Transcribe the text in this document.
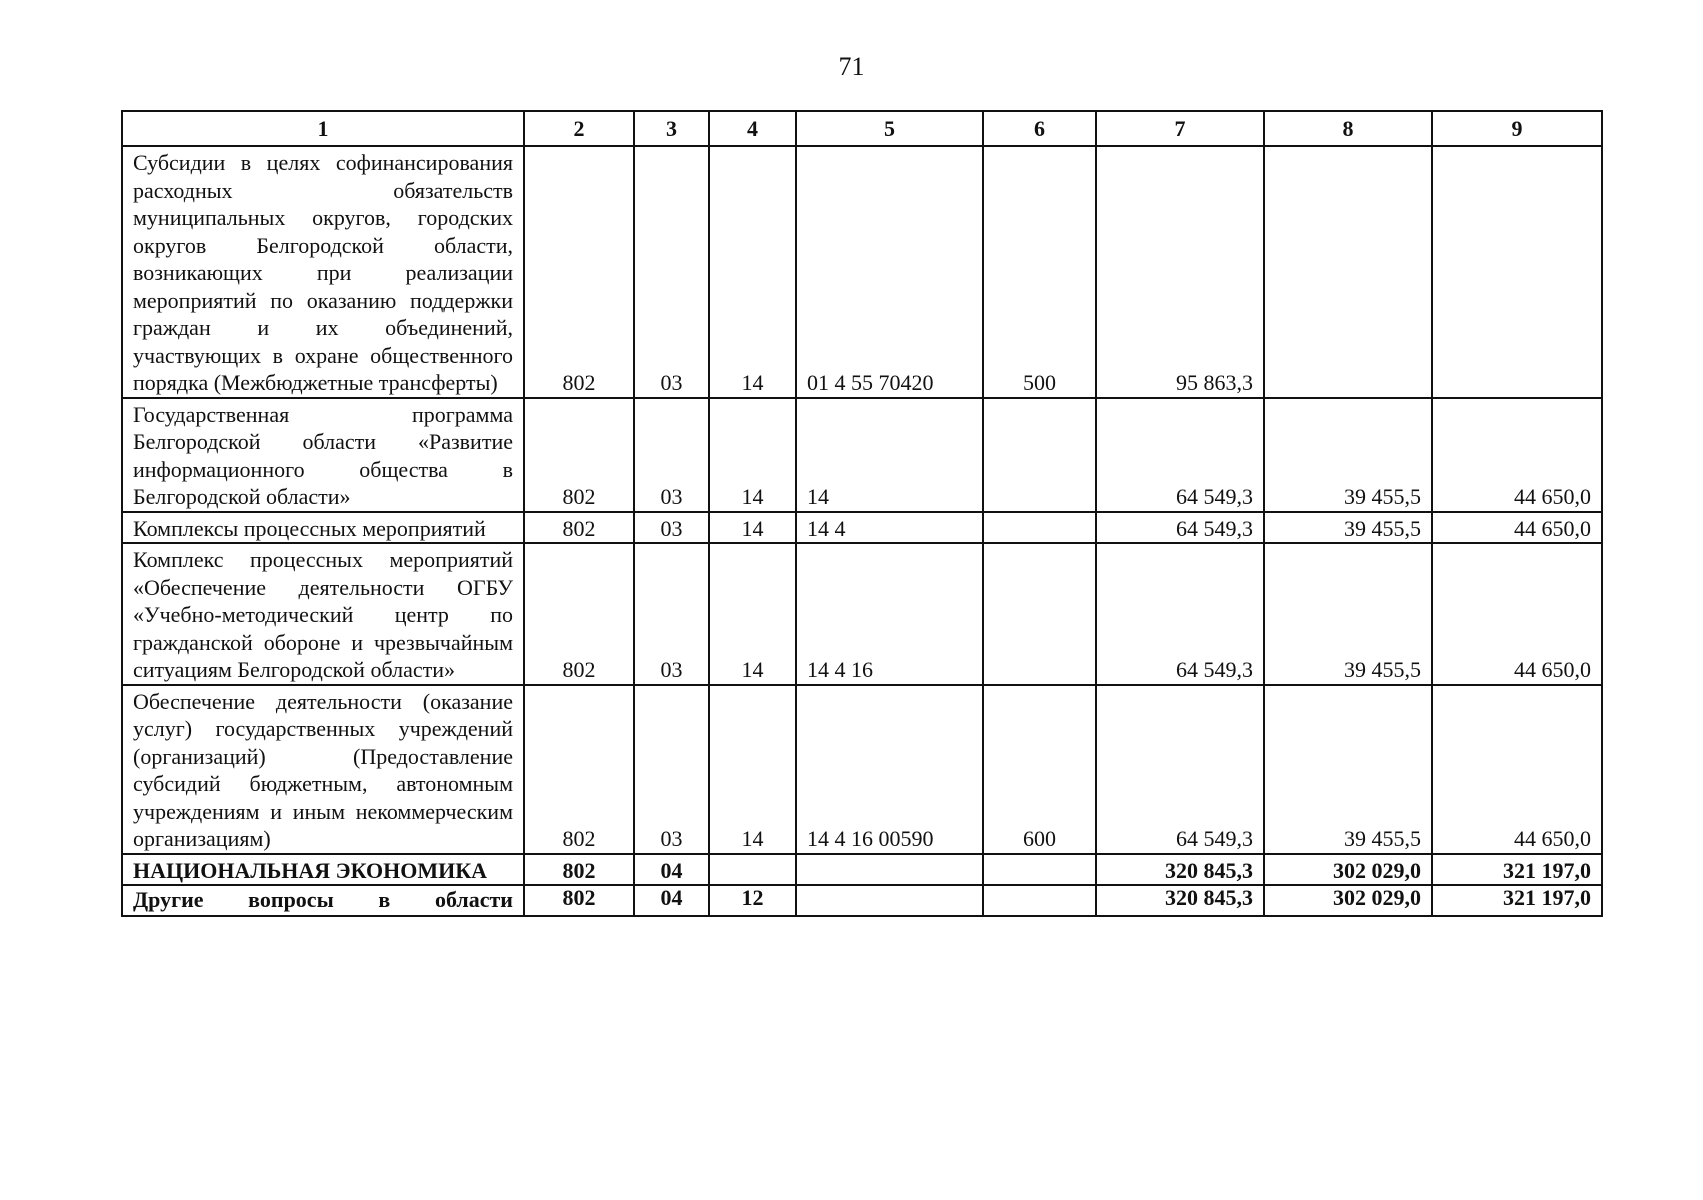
71
1	2	3	4	5	6	7	8	9
Субсидии в целях софинансирования расходных обязательств муниципальных округов, городских округов Белгородской области, возникающих при реализации мероприятий по оказанию поддержки граждан и их объединений, участвующих в охране общественного порядка (Межбюджетные трансферты)	802	03	14	01 4 55 70420	500	95 863,3		
Государственная программа Белгородской области «Развитие информационного общества в Белгородской области»	802	03	14	14		64 549,3	39 455,5	44 650,0
Комплексы процессных мероприятий	802	03	14	14 4		64 549,3	39 455,5	44 650,0
Комплекс процессных мероприятий «Обеспечение деятельности ОГБУ «Учебно-методический центр по гражданской обороне и чрезвычайным ситуациям Белгородской области»	802	03	14	14 4 16		64 549,3	39 455,5	44 650,0
Обеспечение деятельности (оказание услуг) государственных учреждений (организаций) (Предоставление субсидий бюджетным, автономным учреждениям и иным некоммерческим организациям)	802	03	14	14 4 16 00590	600	64 549,3	39 455,5	44 650,0
НАЦИОНАЛЬНАЯ ЭКОНОМИКА	802	04				320 845,3	302 029,0	321 197,0
Другие вопросы в области	802	04	12			320 845,3	302 029,0	321 197,0
